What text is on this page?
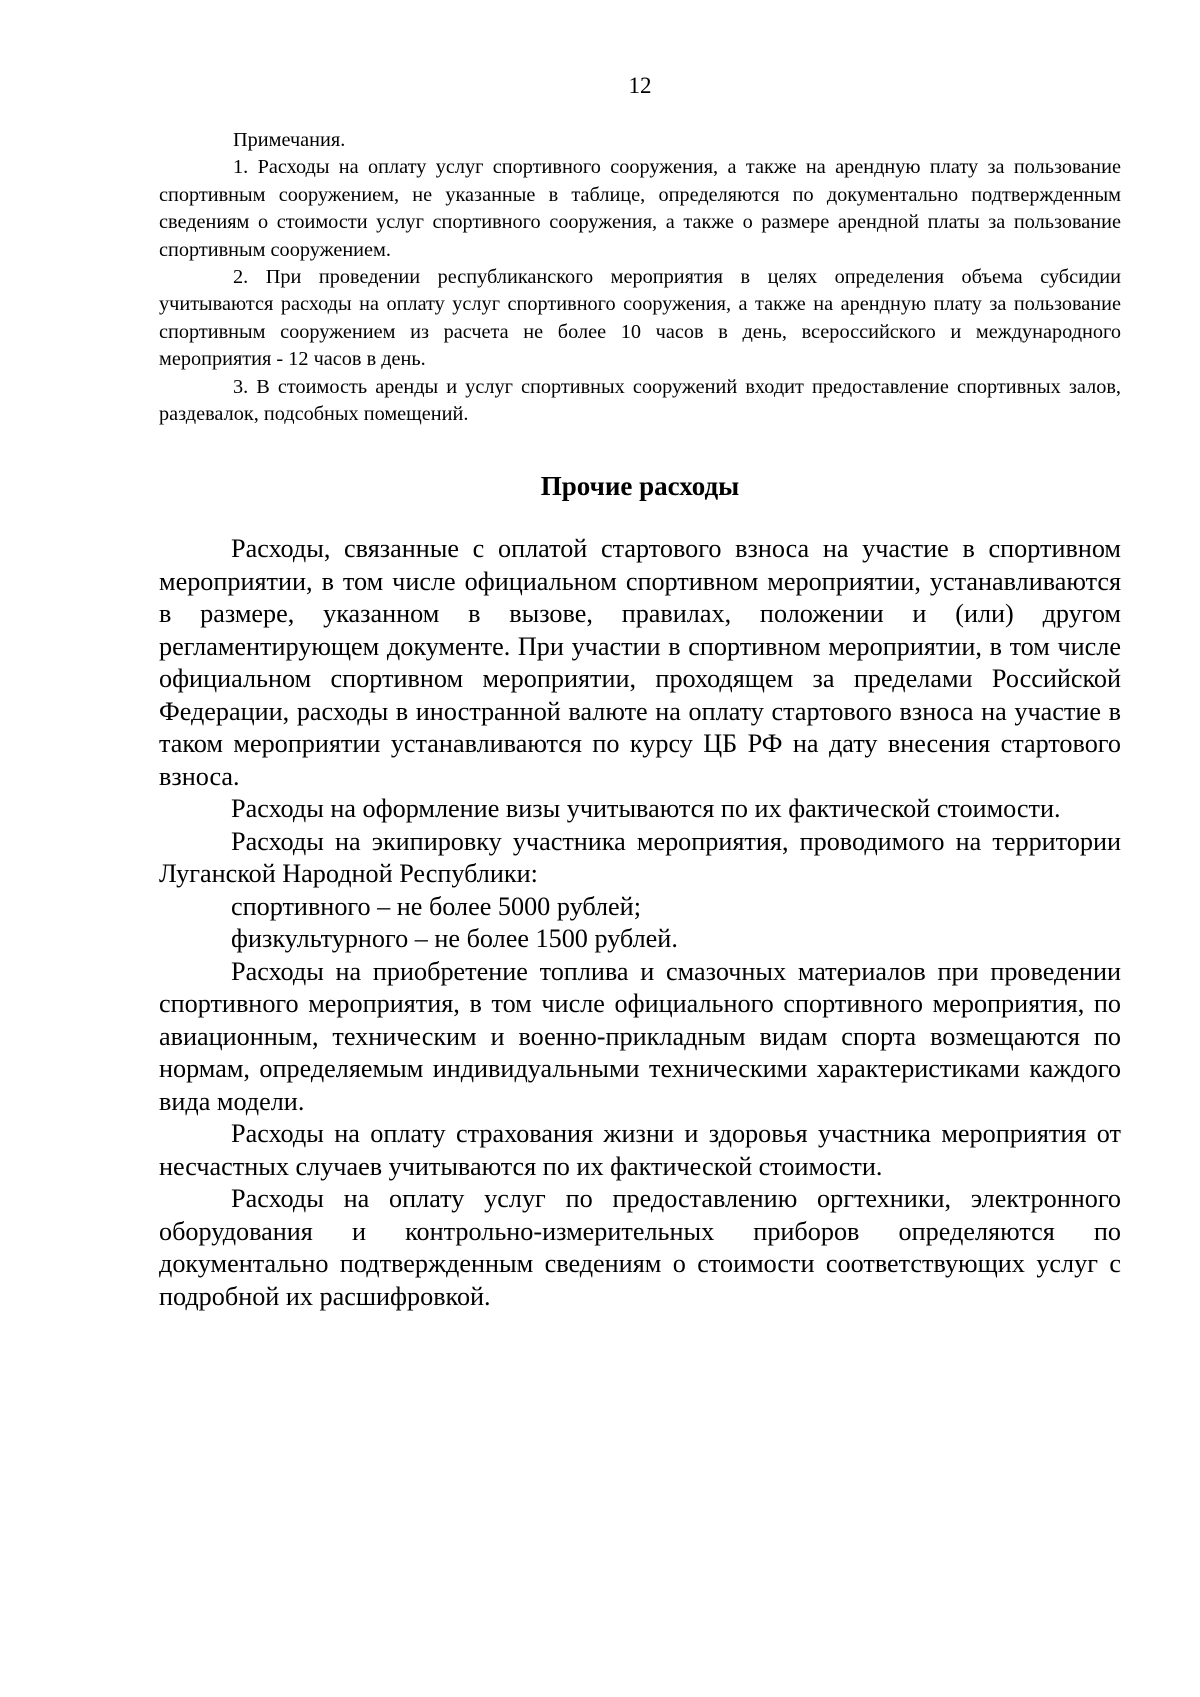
12

Примечания.

1. Расходы на оплату услуг спортивного сооружения, а также на арендную плату за пользование спортивным сооружением, не указанные в таблице, определяются по документально подтвержденным сведениям о стоимости услуг спортивного сооружения, а также о размере арендной платы за пользование спортивным сооружением.

2. При проведении республиканского мероприятия в целях определения объема субсидии учитываются расходы на оплату услуг спортивного сооружения, а также на арендную плату за пользование спортивным сооружением из расчета не более 10 часов в день, всероссийского и международного мероприятия - 12 часов в день.

3. В стоимость аренды и услуг спортивных сооружений входит предоставление спортивных залов, раздевалок, подсобных помещений.

Прочие расходы

Расходы, связанные с оплатой стартового взноса на участие в спортивном мероприятии, в том числе официальном спортивном мероприятии, устанавливаются в размере, указанном в вызове, правилах, положении и (или) другом регламентирующем документе. При участии в спортивном мероприятии, в том числе официальном спортивном мероприятии, проходящем за пределами Российской Федерации, расходы в иностранной валюте на оплату стартового взноса на участие в таком мероприятии устанавливаются по курсу ЦБ РФ на дату внесения стартового взноса.

Расходы на оформление визы учитываются по их фактической стоимости.

Расходы на экипировку участника мероприятия, проводимого на территории Луганской Народной Республики:

спортивного – не более 5000 рублей;

физкультурного – не более 1500 рублей.

Расходы на приобретение топлива и смазочных материалов при проведении спортивного мероприятия, в том числе официального спортивного мероприятия, по авиационным, техническим и военно-прикладным видам спорта возмещаются по нормам, определяемым индивидуальными техническими характеристиками каждого вида модели.

Расходы на оплату страхования жизни и здоровья участника мероприятия от несчастных случаев учитываются по их фактической стоимости.

Расходы на оплату услуг по предоставлению оргтехники, электронного оборудования и контрольно-измерительных приборов определяются по документально подтвержденным сведениям о стоимости соответствующих услуг с подробной их расшифровкой.
